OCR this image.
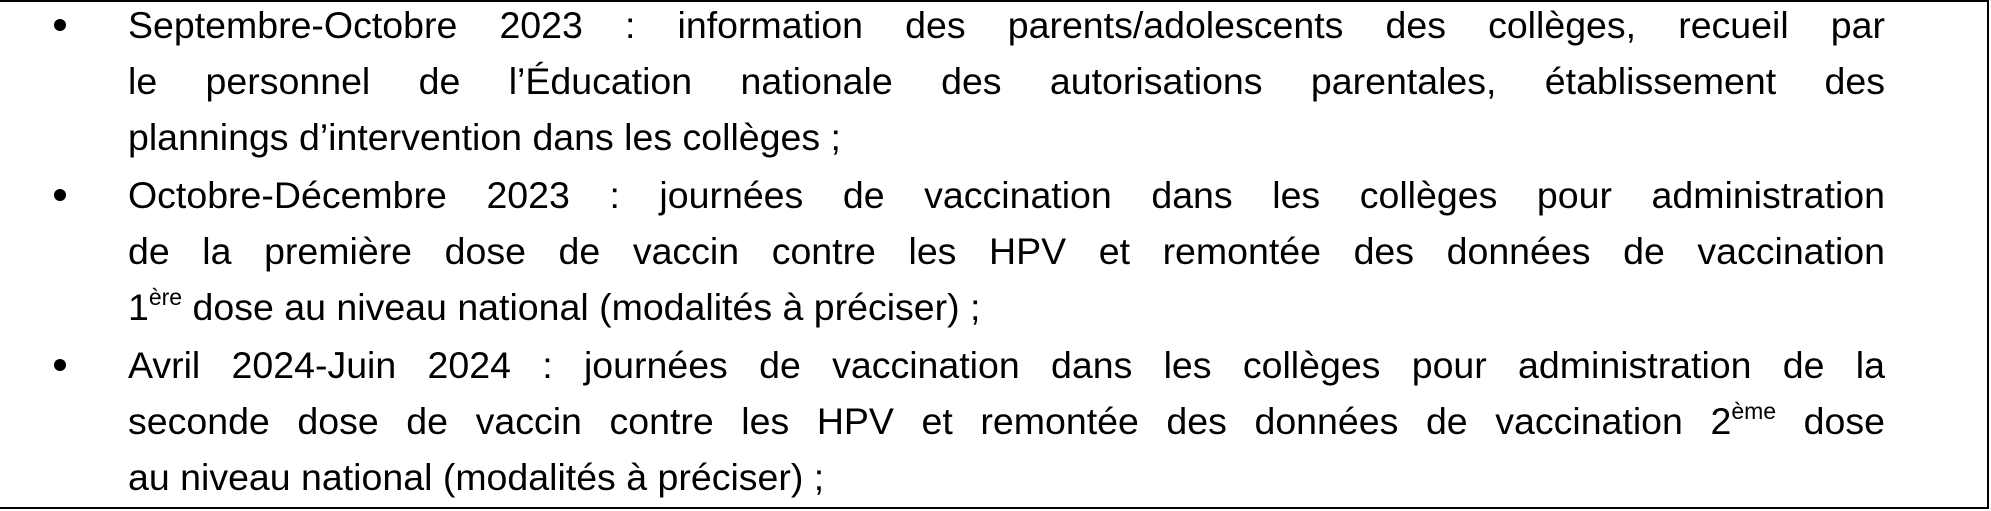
Septembre-Octobre 2023 : information des parents/adolescents des collèges, recueil par
le personnel de l’Éducation nationale des autorisations parentales, établissement des
plannings d’intervention dans les collèges ;
Octobre-Décembre 2023 : journées de vaccination dans les collèges pour administration
de la première dose de vaccin contre les HPV et remontée des données de vaccination
1ère dose au niveau national (modalités à préciser) ;
Avril 2024-Juin 2024 : journées de vaccination dans les collèges pour administration de la
seconde dose de vaccin contre les HPV et remontée des données de vaccination 2ème dose
au niveau national (modalités à préciser) ;
